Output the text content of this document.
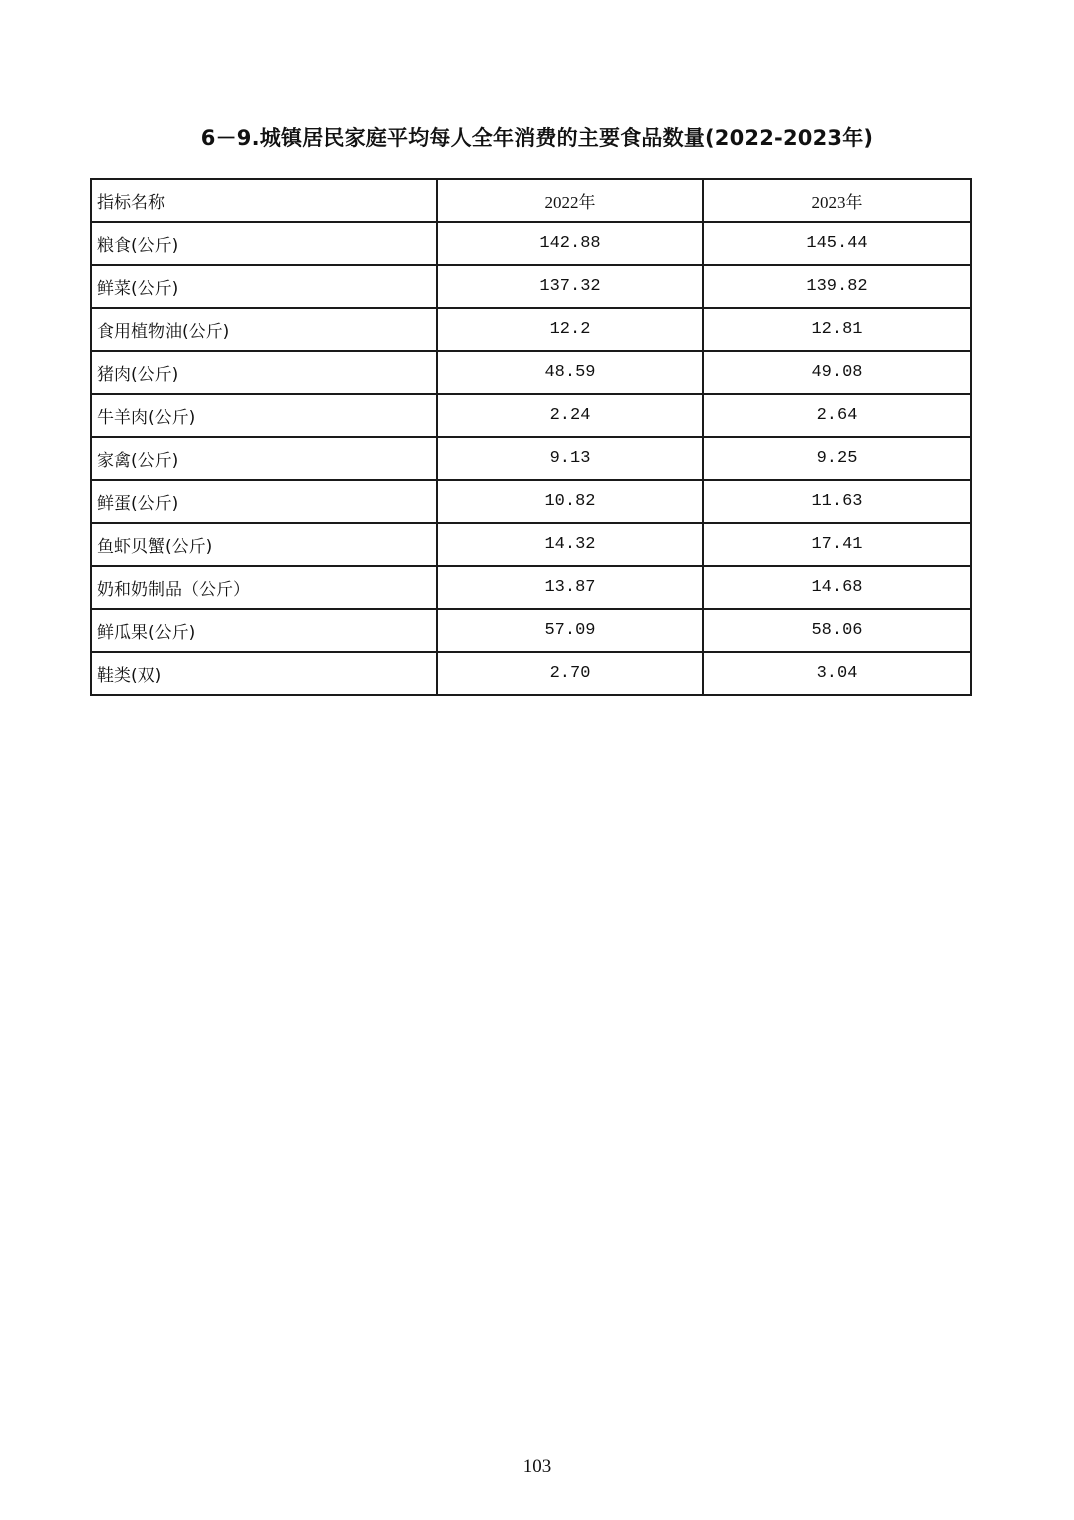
6－9.城镇居民家庭平均每人全年消费的主要食品数量(2022-2023年)
指标名称	2022年	2023年
粮食(公斤)	142.88	145.44
鲜菜(公斤)	137.32	139.82
食用植物油(公斤)	12.2	12.81
猪肉(公斤)	48.59	49.08
牛羊肉(公斤)	2.24	2.64
家禽(公斤)	9.13	9.25
鲜蛋(公斤)	10.82	11.63
鱼虾贝蟹(公斤)	14.32	17.41
奶和奶制品（公斤）	13.87	14.68
鲜瓜果(公斤)	57.09	58.06
鞋类(双)	2.70	3.04
103
